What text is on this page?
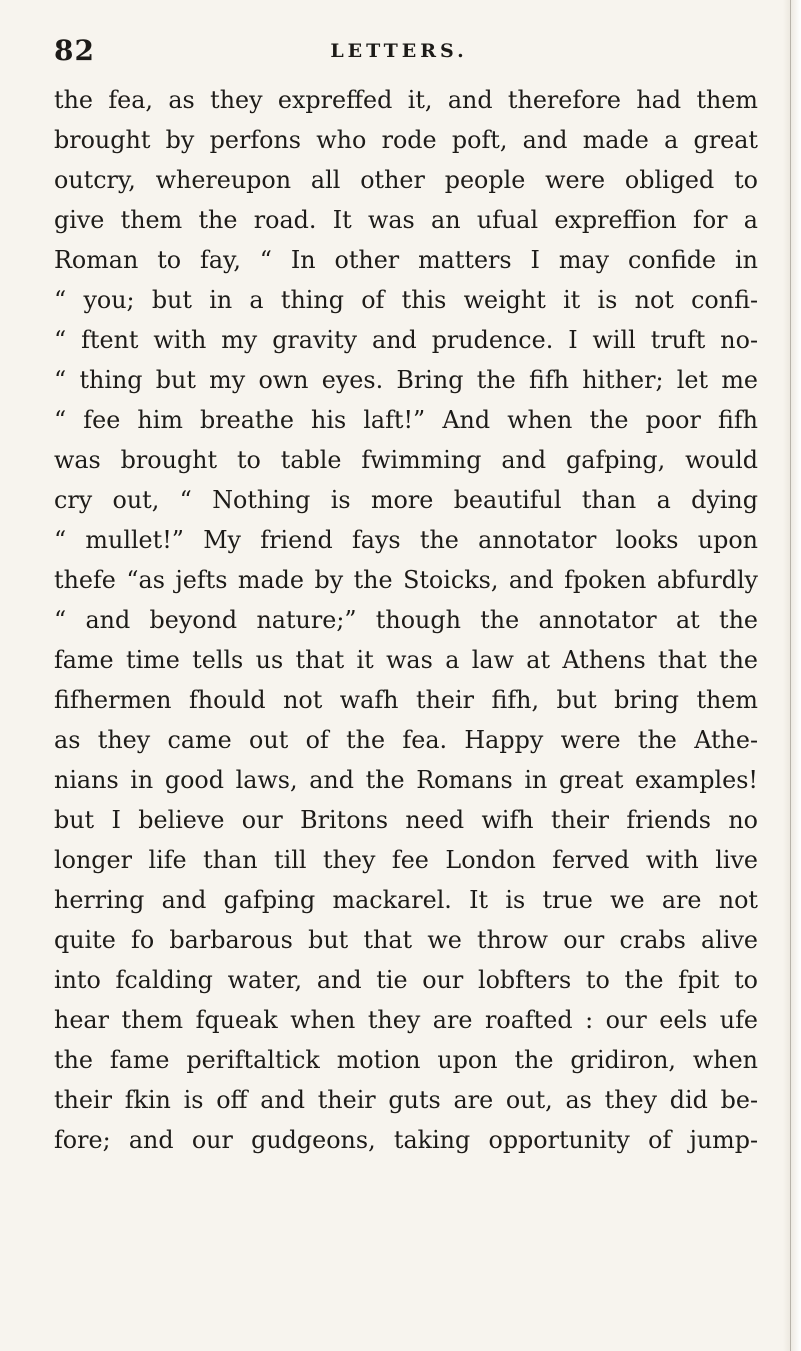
82	LETTERS.
the fea, as they expreffed it, and therefore had them
brought by perfons who rode poft, and made a great
outcry, whereupon all other people were obliged to
give them the road. It was an ufual expreffion for a
Roman to fay, “ In other matters I may confide in
“ you; but in a thing of this weight it is not confi-
“ ftent with my gravity and prudence. I will truft no-
“ thing but my own eyes. Bring the fifh hither; let me
“ fee him breathe his laft!” And when the poor fifh
was brought to table fwimming and gafping, would
cry out, “ Nothing is more beautiful than a dying
“ mullet!” My friend fays the annotator looks upon
thefe “as jefts made by the Stoicks, and fpoken abfurdly
“ and beyond nature;” though the annotator at the
fame time tells us that it was a law at Athens that the
fifhermen fhould not wafh their fifh, but bring them
as they came out of the fea. Happy were the Athe-
nians in good laws, and the Romans in great examples!
but I believe our Britons need wifh their friends no
longer life than till they fee London ferved with live
herring and gafping mackarel. It is true we are not
quite fo barbarous but that we throw our crabs alive
into fcalding water, and tie our lobfters to the fpit to
hear them fqueak when they are roafted : our eels ufe
the fame periftaltick motion upon the gridiron, when
their fkin is off and their guts are out, as they did be-
fore; and our gudgeons, taking opportunity of jump-
